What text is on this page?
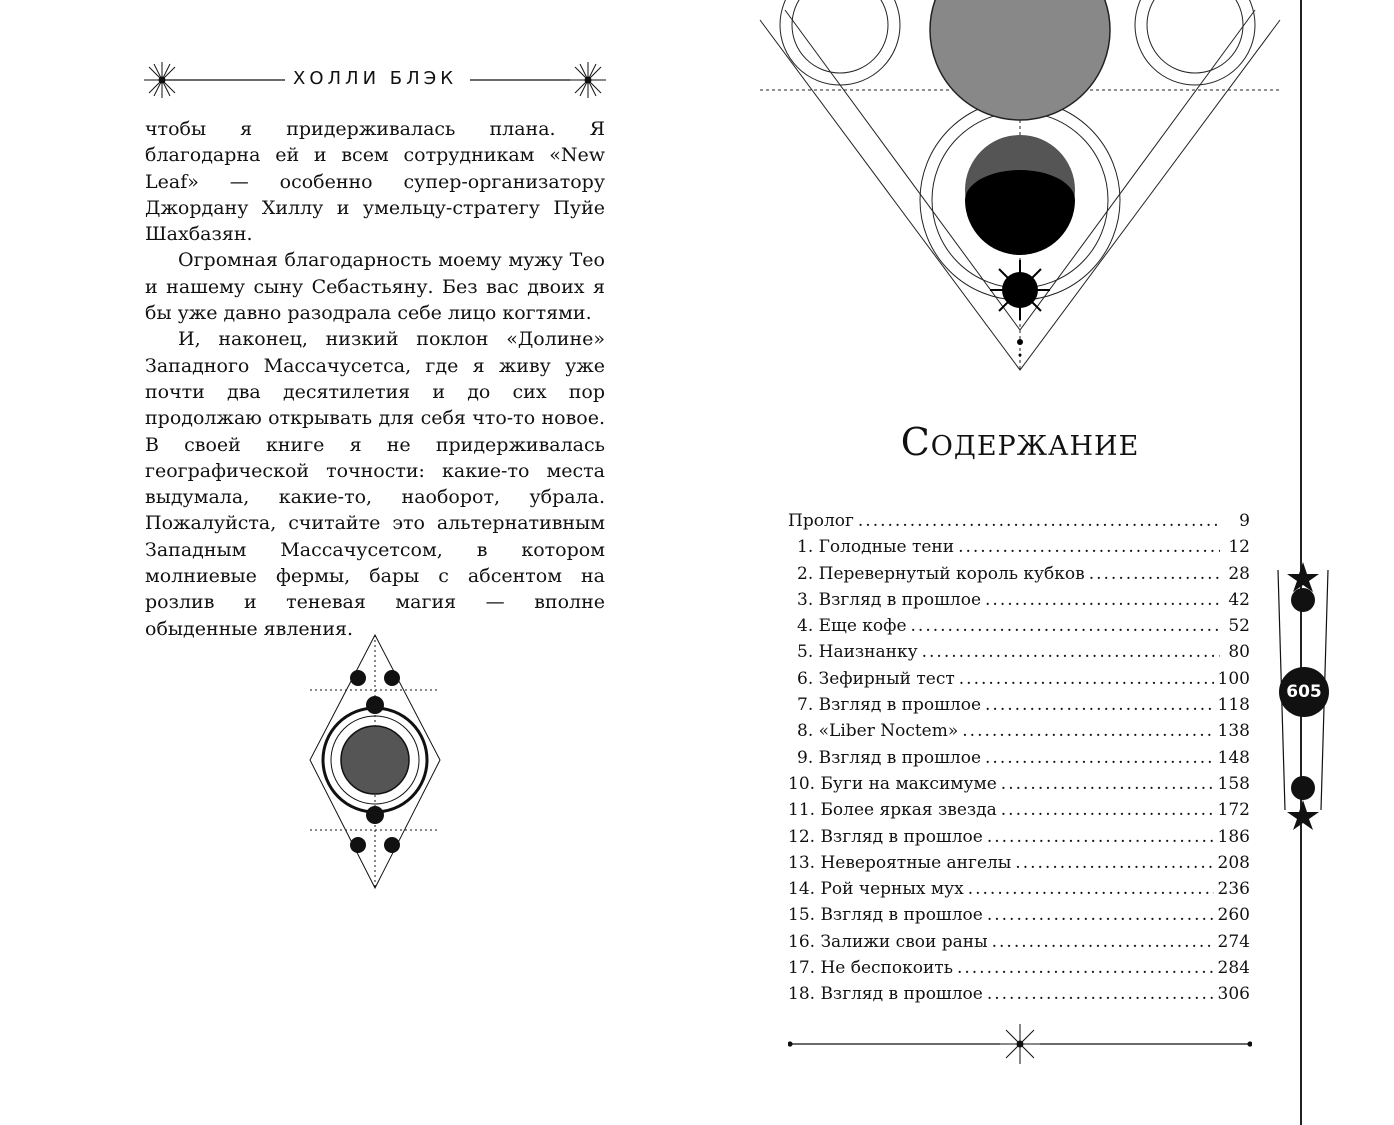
ХОЛЛИ БЛЭК

чтобы я придерживалась плана. Я благодарна ей и всем сотрудникам «New Leaf» — особенно супер-организатору Джордану Хиллу и умельцу-стратегу Пуйе Шахбазян.

Огромная благодарность моему мужу Тео и нашему сыну Себастьяну. Без вас двоих я бы уже давно разодрала себе лицо когтями.

И, наконец, низкий поклон «Долине» Западного Массачусетса, где я живу уже почти два десятилетия и до сих пор продолжаю открывать для себя что-то новое. В своей книге я не придерживалась географической точности: какие-то места выдумала, какие-то, наоборот, убрала. Пожалуйста, считайте это альтернативным Западным Массачусетсом, в котором молниевые фермы, бары с абсентом на розлив и теневая магия — вполне обыденные явления.

Содержание
Пролог .....	9
1. Голодные тени .....	12
2. Перевернутый король кубков .....	28
3. Взгляд в прошлое .....	42
4. Еще кофе .....	52
5. Наизнанку .....	80
6. Зефирный тест .....	100
7. Взгляд в прошлое .....	118
8. «Liber Noctem» .....	138
9. Взгляд в прошлое .....	148
10. Буги на максимуме .....	158
11. Более яркая звезда .....	172
12. Взгляд в прошлое .....	186
13. Невероятные ангелы .....	208
14. Рой черных мух .....	236
15. Взгляд в прошлое .....	260
16. Залижи свои раны .....	274
17. Не беспокоить .....	284
18. Взгляд в прошлое .....	306
605
